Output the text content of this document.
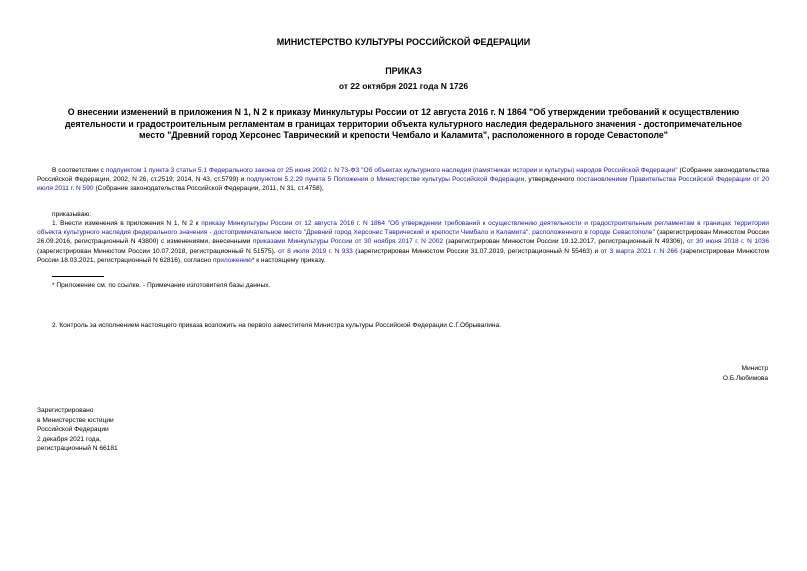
МИНИСТЕРСТВО КУЛЬТУРЫ РОССИЙСКОЙ ФЕДЕРАЦИИ
ПРИКАЗ
от 22 октября 2021 года N 1726
О внесении изменений в приложения N 1, N 2 к приказу Минкультуры России от 12 августа 2016 г. N 1864 "Об утверждении требований к осуществлению деятельности и градостроительным регламентам в границах территории объекта культурного наследия федерального значения - достопримечательное место "Древний город Херсонес Таврический и крепости Чембало и Каламита", расположенного в городе Севастополе"

В соответствии с подпунктом 1 пункта 3 статьи 5.1 Федерального закона от 25 июня 2002 г. N 73-ФЗ "Об объектах культурного наследия (памятниках истории и культуры) народов Российской Федерации" (Собрание законодательства Российской Федерации, 2002, N 26, ст.2519; 2014, N 43, ст.5799) и подпунктом 5.2.29 пункта 5 Положения о Министерстве культуры Российской Федерации, утвержденного постановлением Правительства Российской Федерации от 20 июля 2011 г. N 590 (Собрание законодательства Российской Федерации, 2011, N 31, ст.4758),

приказываю:

1. Внести изменения в приложения N 1, N 2 к приказу Минкультуры России от 12 августа 2016 г. N 1864 "Об утверждении требований к осуществлению деятельности и градостроительным регламентам в границах территории объекта культурного наследия федерального значения - достопримечательное место "Древний город Херсонес Таврический и крепости Чембало и Каламита", расположенного в городе Севастополе" (зарегистрирован Минюстом России 26.09.2016, регистрационный N 43800) с изменениями, внесенными приказами Минкультуры России от 30 ноября 2017 г. N 2002 (зарегистрирован Минюстом России 19.12.2017, регистрационный N 49306), от 30 июня 2018 г. N 1036 (зарегистрирован Минюстом России 10.07.2018, регистрационный N 51575), от 8 июля 2019 г. N 933 (зарегистрирован Минюстом России 31.07.2019, регистрационный N 55463) и от 3 марта 2021 г. N 266 (зарегистрирован Минюстом России 18.03.2021, регистрационный N 62816), согласно приложению* к настоящему приказу.

* Приложение см. по ссылке. - Примечание изготовителя базы данных.

2. Контроль за исполнением настоящего приказа возложить на первого заместителя Министра культуры Российской Федерации С.Г.Обрывалина.

Министр
О.Б.Любимова
Зарегистрировано
в Министерстве юстиции
Российской Федерации
2 декабря 2021 года,
регистрационный N 66181
